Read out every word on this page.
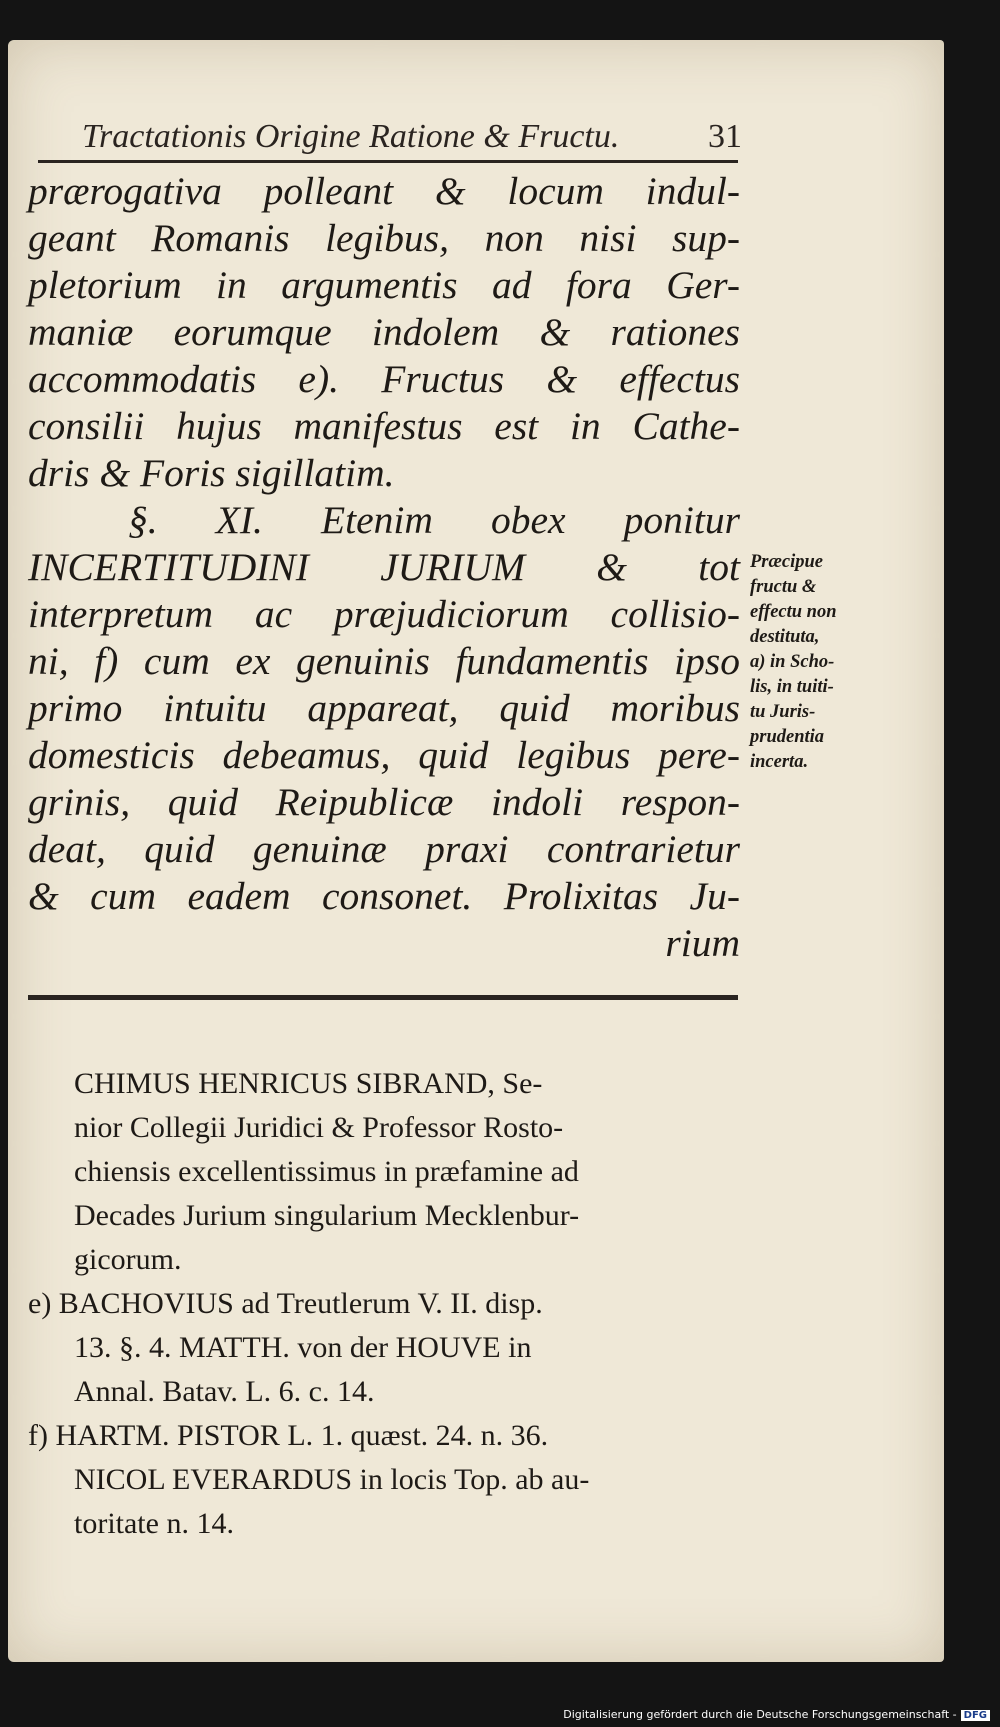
Tractationis Origine Ratione & Fructu.	31
prærogativa polleant & locum indul-
geant Romanis legibus, non nisi sup-
pletorium in argumentis ad fora Ger-
maniæ eorumque indolem & rationes
accommodatis e). Fructus & effectus
consilii hujus manifestus est in Cathe-
dris & Foris sigillatim.
§. XI. Etenim obex ponitur
INCERTITUDINI JURIUM & tot
interpretum ac præjudiciorum collisio-
ni, f) cum ex genuinis fundamentis ipso
primo intuitu appareat, quid moribus
domesticis debeamus, quid legibus pere-
grinis, quid Reipublicæ indoli respon-
deat, quid genuinæ praxi contrarietur
& cum eadem consonet. Prolixitas Ju-
rium
Præcipue
fructu &
effectu non
destituta,
a) in Scho-
lis, in tuiti-
tu Juris-
prudentia
incerta.
CHIMUS HENRICUS SIBRAND, Se-
nior Collegii Juridici & Professor Rosto-
chiensis excellentissimus in præfamine ad
Decades Jurium singularium Mecklenbur-
gicorum.
e) BACHOVIUS ad Treutlerum V. II. disp.
13. §. 4. MATTH. von der HOUVE in
Annal. Batav. L. 6. c. 14.
f) HARTM. PISTOR L. 1. quæst. 24. n. 36.
NICOL EVERARDUS in locis Top. ab au-
toritate n. 14.
Digitalisierung gefördert durch die Deutsche Forschungsgemeinschaft - DFG
